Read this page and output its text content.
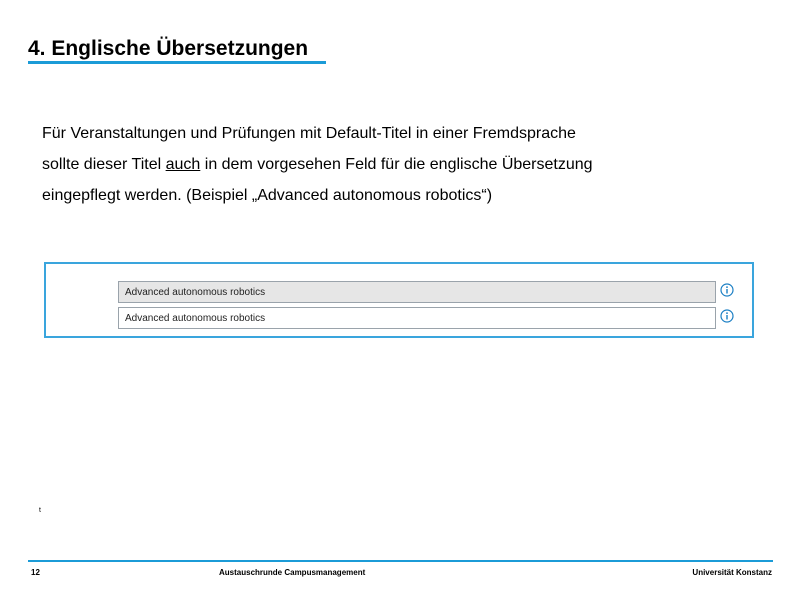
4. Englische Übersetzungen

Für Veranstaltungen und Prüfungen mit Default-Titel in einer Fremdsprache
sollte dieser Titel auch in dem vorgesehen Feld für die englische Übersetzung
eingepflegt werden. (Beispiel „Advanced autonomous robotics“)

Advanced autonomous robotics
Advanced autonomous robotics
t
12	Austauschrunde Campusmanagement	Universität Konstanz
